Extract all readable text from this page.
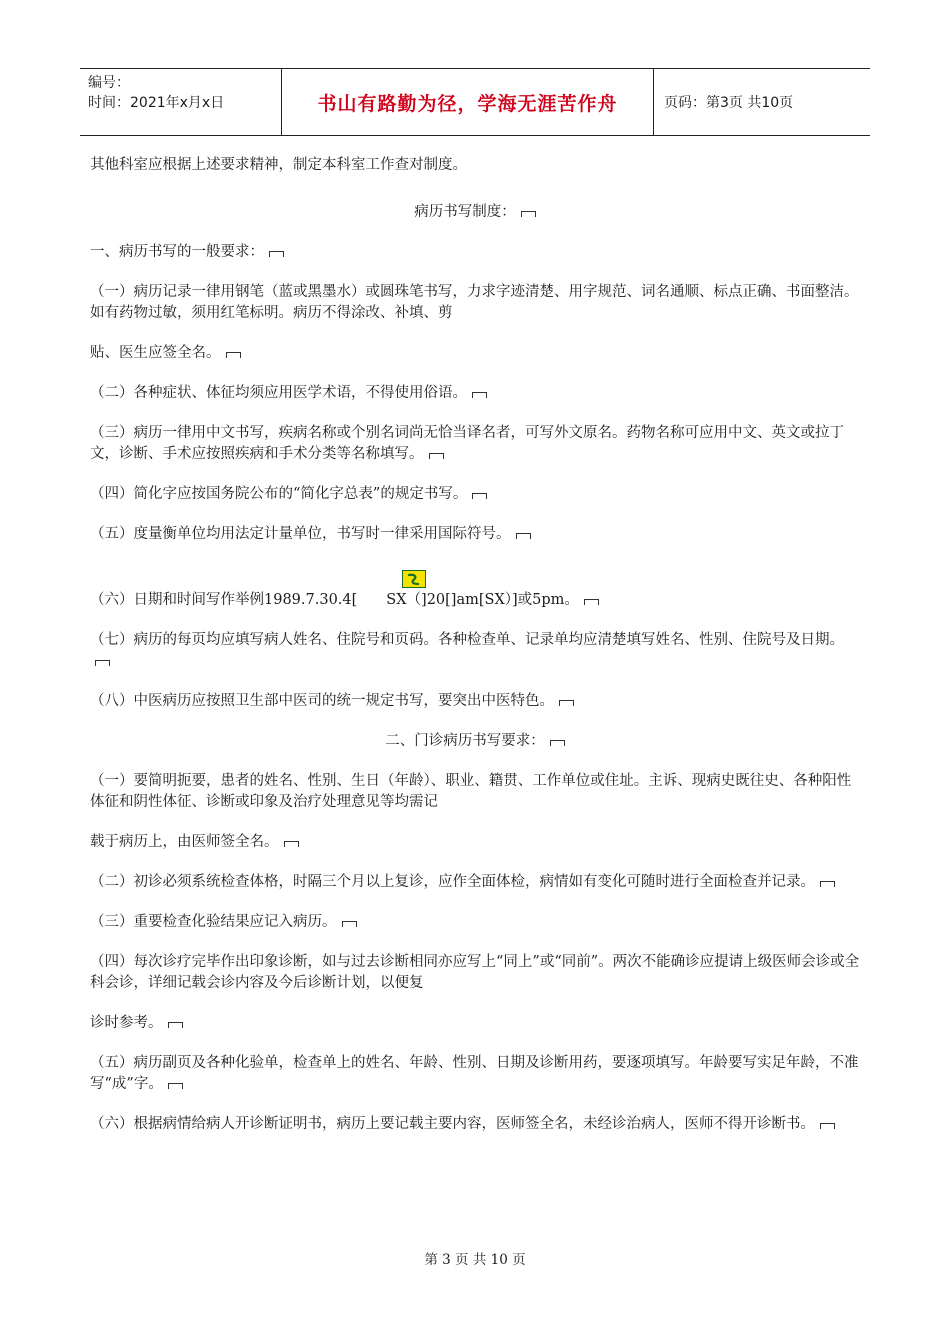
编号：
时间：2021年x月x日	书山有路勤为径，学海无涯苦作舟	页码：第3页 共10页

其他科室应根据上述要求精神，制定本科室工作查对制度。

病历书写制度：

一、病历书写的一般要求：

（一）病历记录一律用钢笔（蓝或黑墨水）或圆珠笔书写，力求字迹清楚、用字规范、词名通顺、标点正确、书面整洁。如有药物过敏，须用红笔标明。病历不得涂改、补填、剪

贴、医生应签全名。

（二）各种症状、体征均须应用医学术语，不得使用俗语。

（三）病历一律用中文书写，疾病名称或个别名词尚无恰当译名者，可写外文原名。药物名称可应用中文、英文或拉丁文，诊断、手术应按照疾病和手术分类等名称填写。

（四）简化字应按国务院公布的“简化字总表”的规定书写。

（五）度量衡单位均用法定计量单位，书写时一律采用国际符号。

（六）日期和时间写作举例1989.7.30.4[　　SX（]20[]am[SX）]或5pm。

（七）病历的每页均应填写病人姓名、住院号和页码。各种检查单、记录单均应清楚填写姓名、性别、住院号及日期。

（八）中医病历应按照卫生部中医司的统一规定书写，要突出中医特色。

二、门诊病历书写要求：

（一）要简明扼要，患者的姓名、性别、生日（年龄）、职业、籍贯、工作单位或住址。主诉、现病史既往史、各种阳性体征和阴性体征、诊断或印象及治疗处理意见等均需记

载于病历上，由医师签全名。

（二）初诊必须系统检查体格，时隔三个月以上复诊，应作全面体检，病情如有变化可随时进行全面检查并记录。

（三）重要检查化验结果应记入病历。

（四）每次诊疗完毕作出印象诊断，如与过去诊断相同亦应写上“同上”或“同前”。两次不能确诊应提请上级医师会诊或全科会诊，详细记载会诊内容及今后诊断计划，以便复

诊时参考。

（五）病历副页及各种化验单，检查单上的姓名、年龄、性别、日期及诊断用药，要逐项填写。年龄要写实足年龄，不准写“成”字。

（六）根据病情给病人开诊断证明书，病历上要记载主要内容，医师签全名，未经诊治病人，医师不得开诊断书。

第 3 页 共 10 页
